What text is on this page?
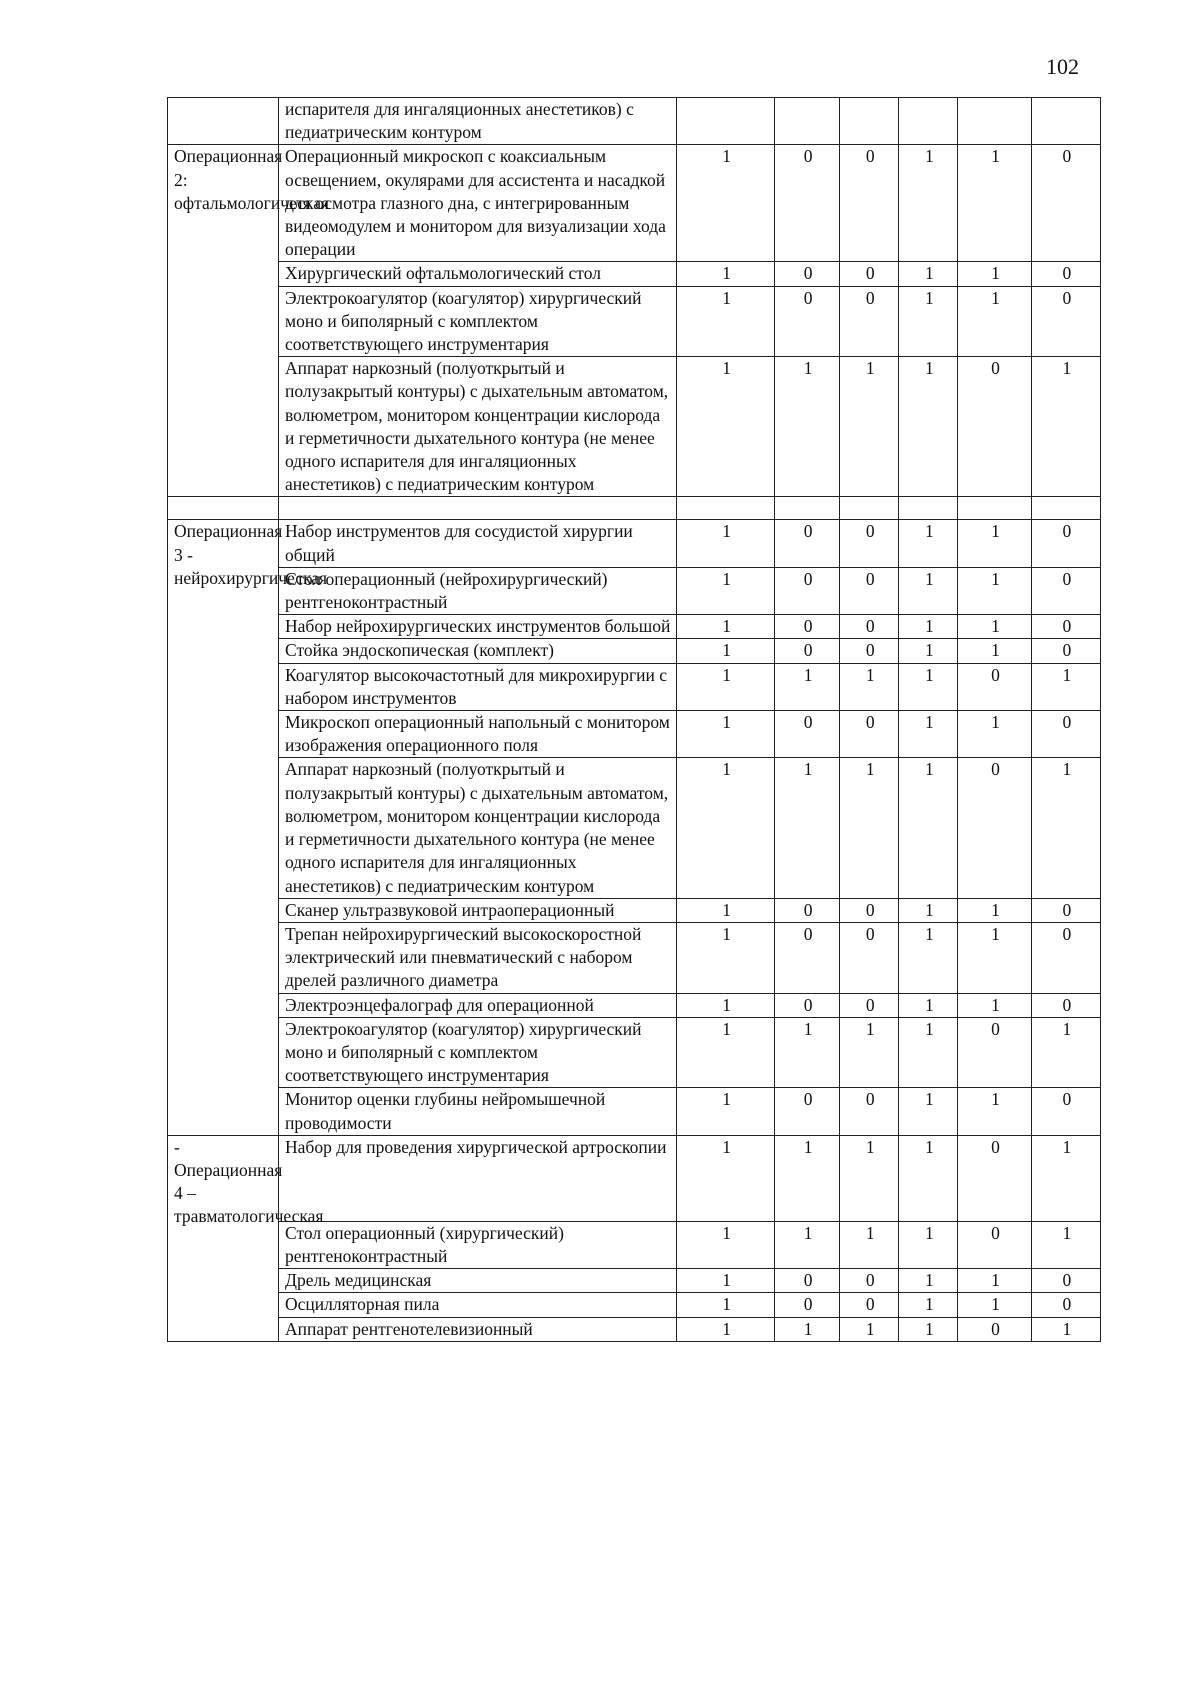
102
	испарителя для ингаляционных анестетиков) с педиатрическим контуром						
Операционная 2: офтальмологическая	Операционный микроскоп с коаксиальным освещением, окулярами для ассистента и насадкой для осмотра глазного дна, с интегрированным видеомодулем и монитором для визуализации хода операции	1	0	0	1	1	0
	Хирургический офтальмологический стол	1	0	0	1	1	0
	Электрокоагулятор (коагулятор) хирургический моно и биполярный с комплектом соответствующего инструментария	1	0	0	1	1	0
	Аппарат наркозный (полуоткрытый и полузакрытый контуры) с дыхательным автоматом, волюметром, монитором концентрации кислорода и герметичности дыхательного контура (не менее одного испарителя для ингаляционных анестетиков) с педиатрическим контуром	1	1	1	1	0	1

Операционная 3 - нейрохирургическая	Набор инструментов для сосудистой хирургии общий	1	0	0	1	1	0
	Стол операционный (нейрохирургический) рентгеноконтрастный	1	0	0	1	1	0
	Набор нейрохирургических инструментов большой	1	0	0	1	1	0
	Стойка эндоскопическая (комплект)	1	0	0	1	1	0
	Коагулятор высокочастотный для микрохирургии с набором инструментов	1	1	1	1	0	1
	Микроскоп операционный напольный с монитором изображения операционного поля	1	0	0	1	1	0
	Аппарат наркозный (полуоткрытый и полузакрытый контуры) с дыхательным автоматом, волюметром, монитором концентрации кислорода и герметичности дыхательного контура (не менее одного испарителя для ингаляционных анестетиков) с педиатрическим контуром	1	1	1	1	0	1
	Сканер ультразвуковой интраоперационный	1	0	0	1	1	0
	Трепан нейрохирургический высокоскоростной электрический или пневматический с набором дрелей различного диаметра	1	0	0	1	1	0
	Электроэнцефалограф для операционной	1	0	0	1	1	0
	Электрокоагулятор (коагулятор) хирургический моно и биполярный с комплектом соответствующего инструментария	1	1	1	1	0	1
	Монитор оценки глубины нейромышечной проводимости	1	0	0	1	1	0
- Операционная 4 – травматологическая	Набор для проведения хирургической артроскопии	1	1	1	1	0	1
	Стол операционный (хирургический) рентгеноконтрастный	1	1	1	1	0	1
	Дрель медицинская	1	0	0	1	1	0
	Осцилляторная пила	1	0	0	1	1	0
	Аппарат рентгенотелевизионный	1	1	1	1	0	1
